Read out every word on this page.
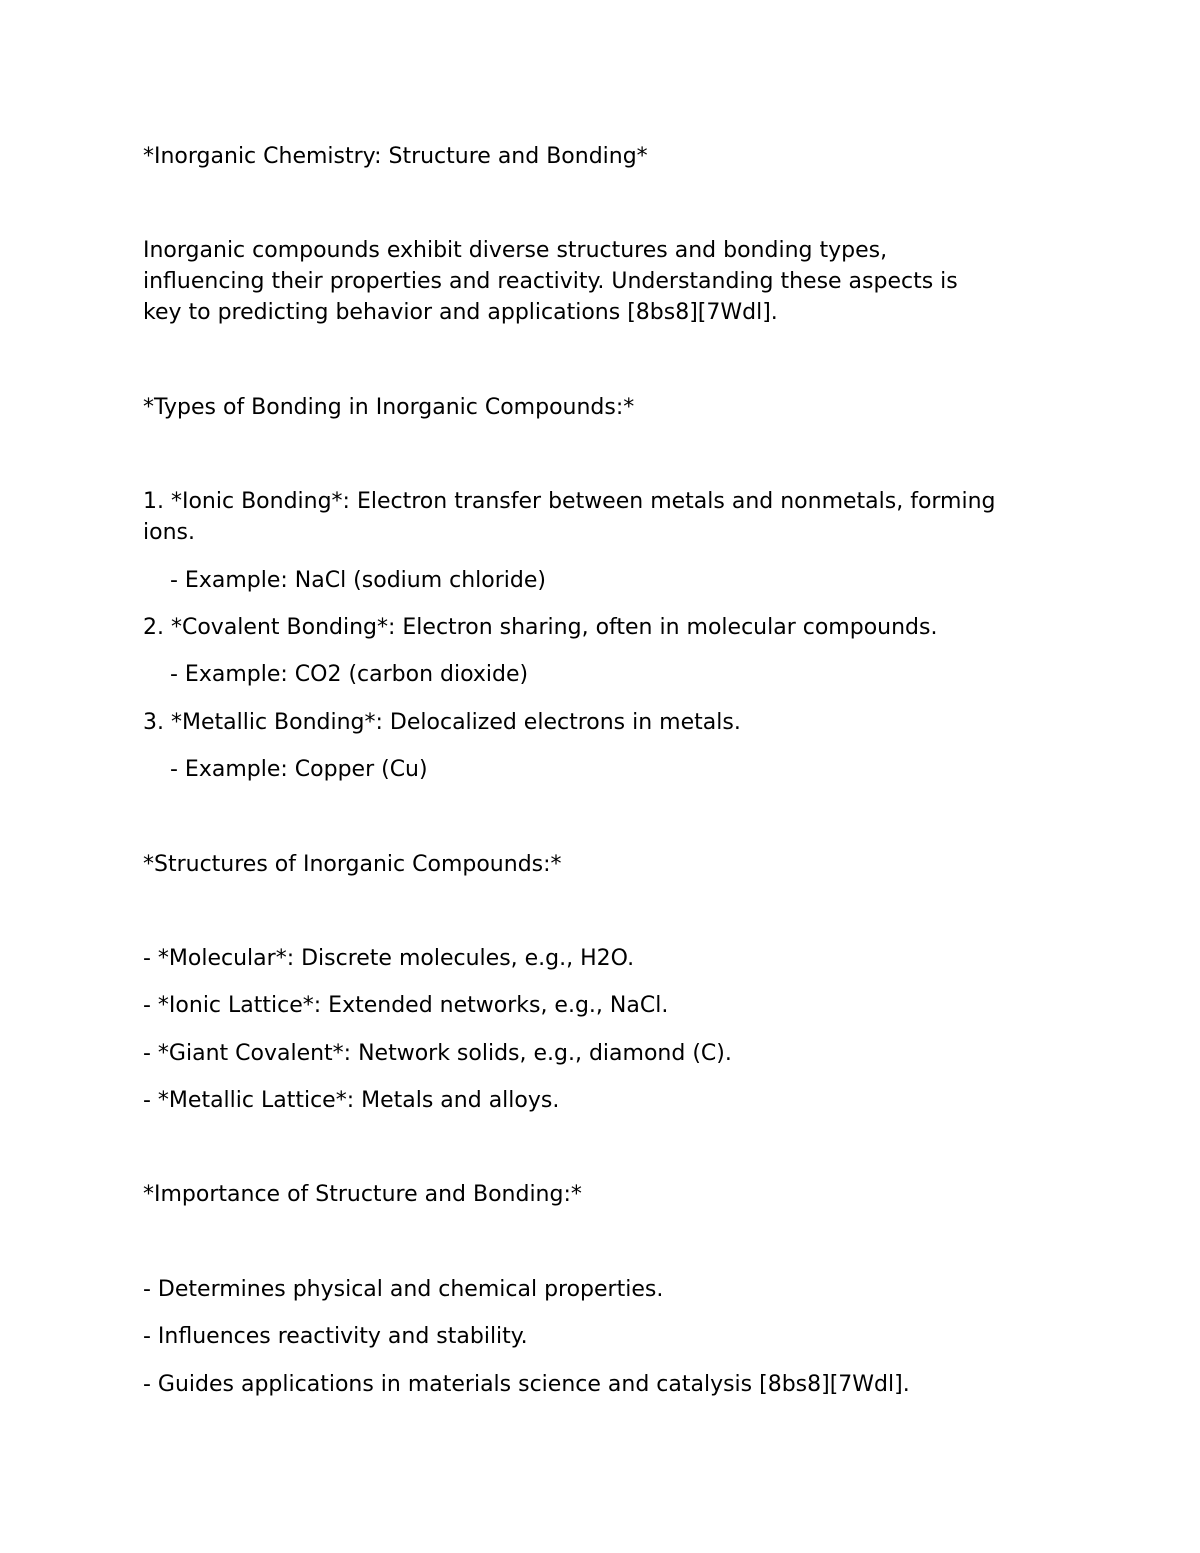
*Inorganic Chemistry: Structure and Bonding*
Inorganic compounds exhibit diverse structures and bonding types,
influencing their properties and reactivity. Understanding these aspects is
key to predicting behavior and applications [8bs8][7Wdl].
*Types of Bonding in Inorganic Compounds:*
1. *Ionic Bonding*: Electron transfer between metals and nonmetals, forming
ions.
- Example: NaCl (sodium chloride)
2. *Covalent Bonding*: Electron sharing, often in molecular compounds.
- Example: CO2 (carbon dioxide)
3. *Metallic Bonding*: Delocalized electrons in metals.
- Example: Copper (Cu)
*Structures of Inorganic Compounds:*
- *Molecular*: Discrete molecules, e.g., H2O.
- *Ionic Lattice*: Extended networks, e.g., NaCl.
- *Giant Covalent*: Network solids, e.g., diamond (C).
- *Metallic Lattice*: Metals and alloys.
*Importance of Structure and Bonding:*
- Determines physical and chemical properties.
- Influences reactivity and stability.
- Guides applications in materials science and catalysis [8bs8][7Wdl].
